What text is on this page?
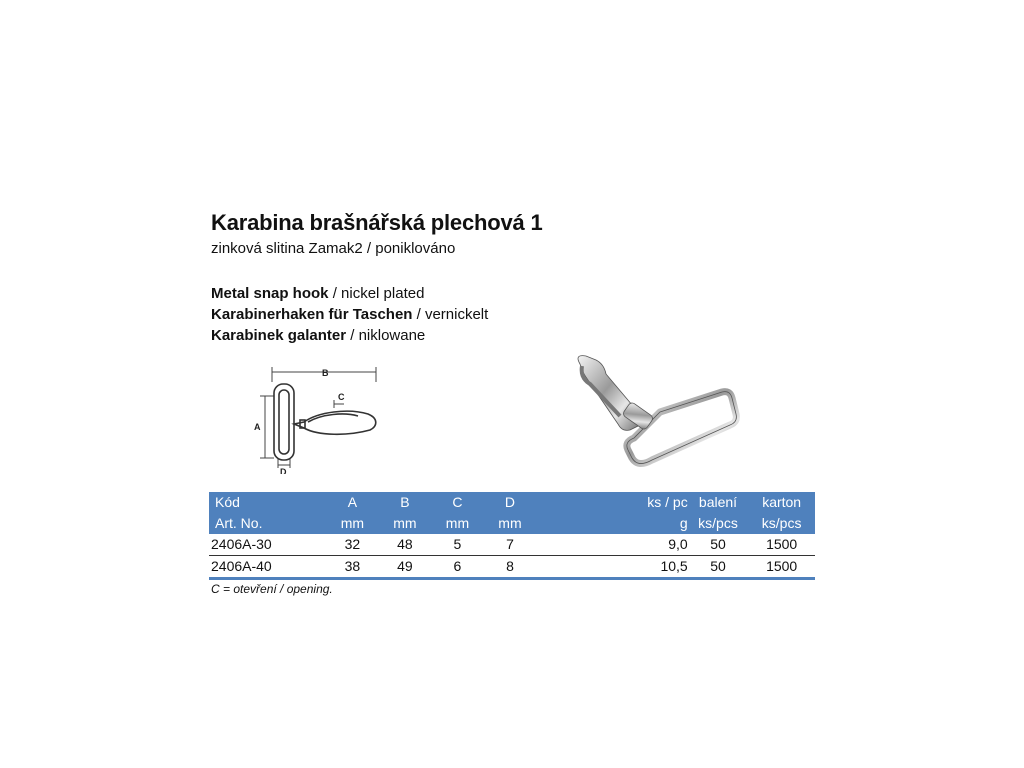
Karabina brašnářská plechová 1
zinková slitina Zamak2 / poniklováno
Metal snap hook / nickel plated
Karabinerhaken für Taschen / vernickelt
Karabinek galanter / niklowane
B
A
C
D
Kód	A	B	C	D		ks / pc	balení	karton
Art. No.	mm	mm	mm	mm		g	ks/pcs	ks/pcs
2406A-30	32	48	5	7		9,0	50	1500
2406A-40	38	49	6	8		10,5	50	1500
C = otevření / opening.
